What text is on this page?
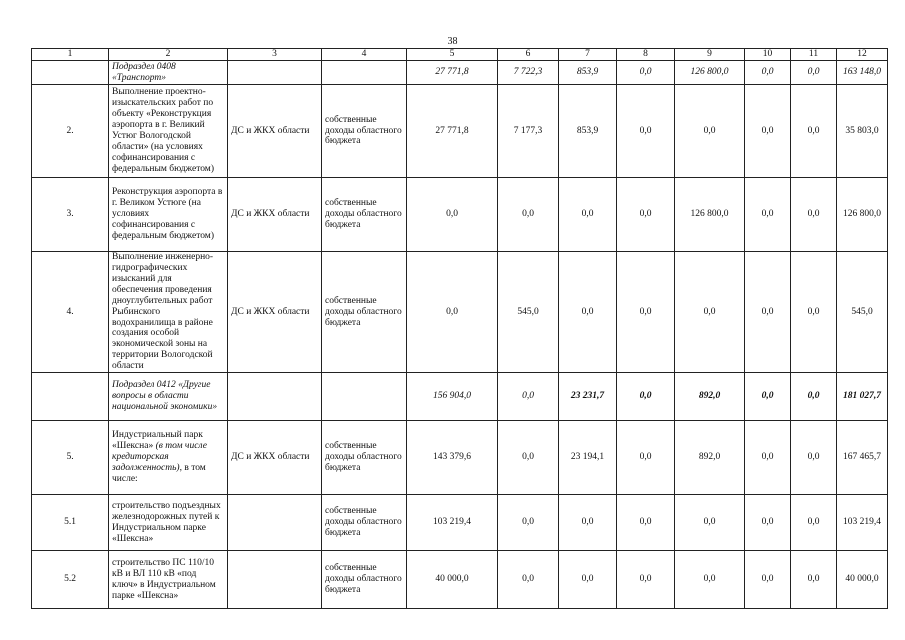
38
1	2	3	4	5	6	7	8	9	10	11	12
	Подраздел 0408 «Транспорт»			27 771,8	7 722,3	853,9	0,0	126 800,0	0,0	0,0	163 148,0
2.	Выполнение проектно-изыскательских работ по объекту «Реконструкция аэропорта в г. Великий Устюг Вологодской области» (на условиях софинансирования с федеральным бюджетом)	ДС и ЖКХ области	собственные доходы областного бюджета	27 771,8	7 177,3	853,9	0,0	0,0	0,0	0,0	35 803,0
3.	Реконструкция аэропорта в г. Великом Устюге (на условиях софинансирования с федеральным бюджетом)	ДС и ЖКХ области	собственные доходы областного бюджета	0,0	0,0	0,0	0,0	126 800,0	0,0	0,0	126 800,0
4.	Выполнение инженерно-гидрографических изысканий для обеспечения проведения дноуглубительных работ Рыбинского водохранилища в районе создания особой экономической зоны на территории Вологодской области	ДС и ЖКХ области	собственные доходы областного бюджета	0,0	545,0	0,0	0,0	0,0	0,0	0,0	545,0
	Подраздел 0412 «Другие вопросы в области национальной экономики»			156 904,0	0,0	23 231,7	0,0	892,0	0,0	0,0	181 027,7
5.	Индустриальный парк «Шексна» (в том числе кредиторская задолженность), в том числе:	ДС и ЖКХ области	собственные доходы областного бюджета	143 379,6	0,0	23 194,1	0,0	892,0	0,0	0,0	167 465,7
5.1	строительство подъездных железнодорожных путей к Индустриальном парке «Шексна»		собственные доходы областного бюджета	103 219,4	0,0	0,0	0,0	0,0	0,0	0,0	103 219,4
5.2	строительство ПС 110/10 кВ и ВЛ 110 кВ «под ключ» в Индустриальном парке «Шексна»		собственные доходы областного бюджета	40 000,0	0,0	0,0	0,0	0,0	0,0	0,0	40 000,0
